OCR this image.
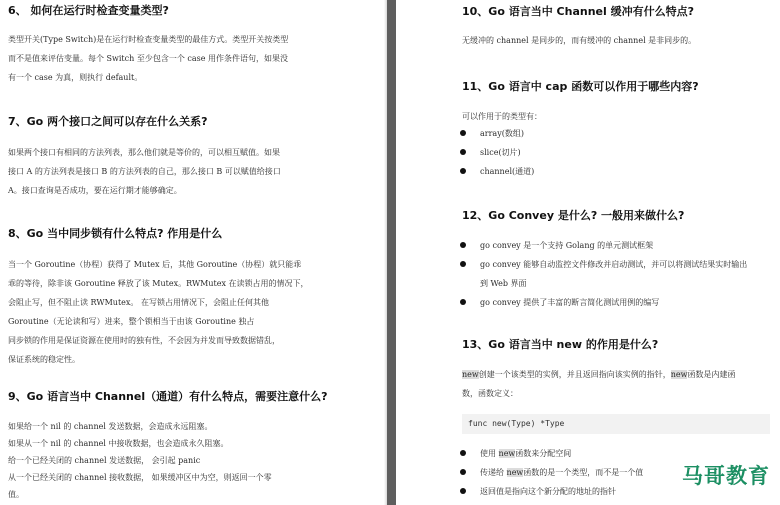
6、 如何在运行时检查变量类型?
类型开关(Type Switch)是在运行时检查变量类型的最佳方式。类型开关按类型
而不是值来评估变量。每个 Switch 至少包含一个 case 用作条件语句，如果没
有一个 case 为真，则执行 default。
7、Go 两个接口之间可以存在什么关系?
如果两个接口有相同的方法列表，那么他们就是等价的，可以相互赋值。如果
接口 A 的方法列表是接口 B 的方法列表的自己，那么接口 B 可以赋值给接口
A。接口查询是否成功，要在运行期才能够确定。
8、Go 当中同步锁有什么特点? 作用是什么
当一个 Goroutine（协程）获得了 Mutex 后，其他 Goroutine（协程）就只能乖
乖的等待，除非该 Goroutine 释放了该 Mutex。RWMutex 在读锁占用的情况下，
会阻止写，但不阻止读 RWMutex。 在写锁占用情况下，会阻止任何其他
Goroutine（无论读和写）进来，整个锁相当于由该 Goroutine 独占
同步锁的作用是保证资源在使用时的独有性，不会因为并发而导致数据错乱，
保证系统的稳定性。
9、Go 语言当中 Channel（通道）有什么特点，需要注意什么?
如果给一个 nil 的 channel 发送数据，会造成永远阻塞。
如果从一个 nil 的 channel 中接收数据，也会造成永久阻塞。
给一个已经关闭的 channel 发送数据， 会引起 panic
从一个已经关闭的 channel 接收数据， 如果缓冲区中为空，则返回一个零
值。
10、Go 语言当中 Channel 缓冲有什么特点?
无缓冲的 channel 是同步的，而有缓冲的 channel 是非同步的。
11、Go 语言中 cap 函数可以作用于哪些内容?
可以作用于的类型有：
array(数组)
slice(切片)
channel(通道)
12、Go Convey 是什么? 一般用来做什么?
go convey 是一个支持 Golang 的单元测试框架
go convey 能够自动监控文件修改并启动测试，并可以将测试结果实时输出
到 Web 界面
go convey 提供了丰富的断言简化测试用例的编写
13、Go 语言当中 new 的作用是什么?
new创建一个该类型的实例，并且返回指向该实例的指针，new函数是内建函
数，函数定义：
func new(Type) *Type
使用 new函数来分配空间
传递给 new函数的是一个类型，而不是一个值
返回值是指向这个新分配的地址的指针
马哥教育
